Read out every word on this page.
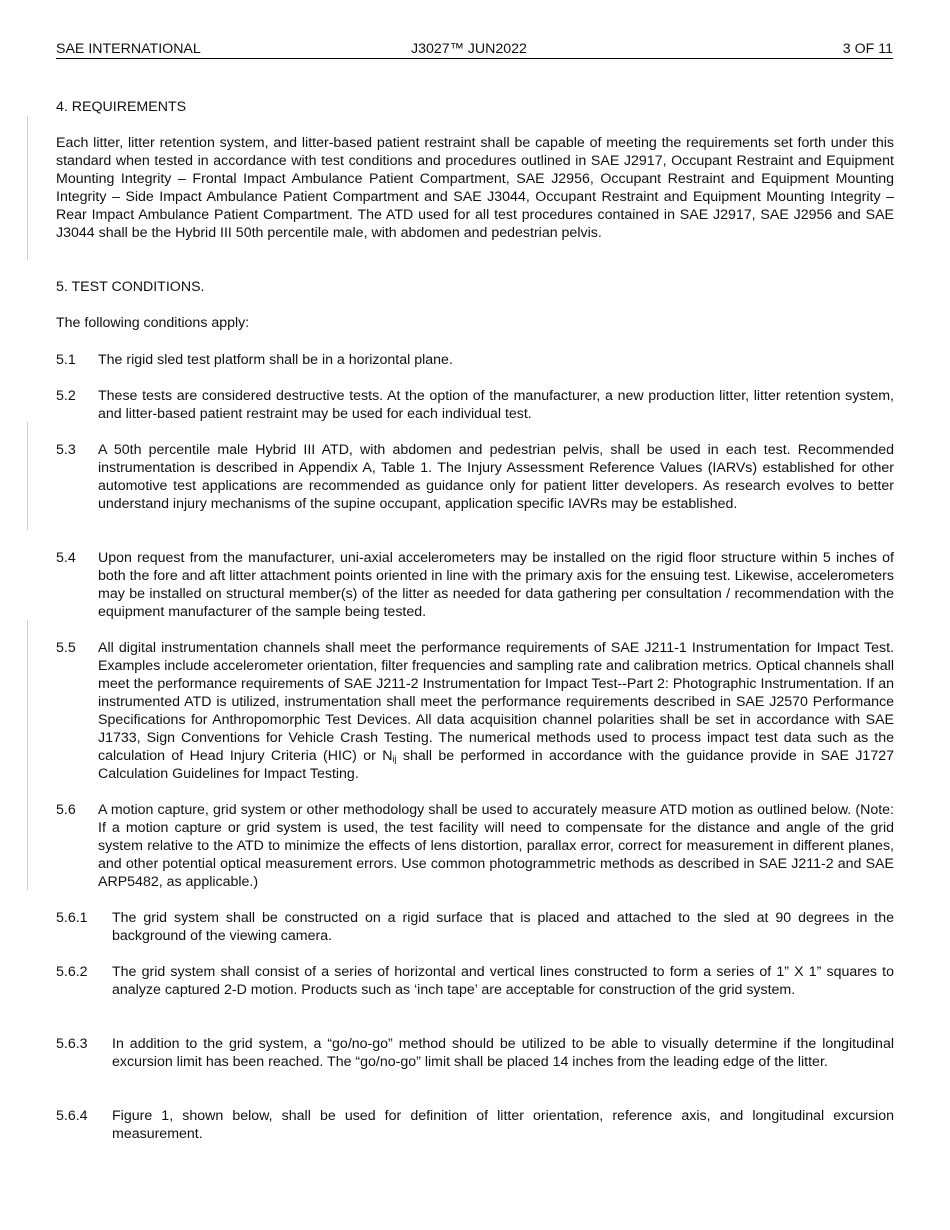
SAE INTERNATIONAL	J3027™ JUN2022	3 OF 11
4. REQUIREMENTS
Each litter, litter retention system, and litter-based patient restraint shall be capable of meeting the requirements set forth under this standard when tested in accordance with test conditions and procedures outlined in SAE J2917, Occupant Restraint and Equipment Mounting Integrity – Frontal Impact Ambulance Patient Compartment, SAE J2956, Occupant Restraint and Equipment Mounting Integrity – Side Impact Ambulance Patient Compartment and SAE J3044, Occupant Restraint and Equipment Mounting Integrity – Rear Impact Ambulance Patient Compartment. The ATD used for all test procedures contained in SAE J2917, SAE J2956 and SAE J3044 shall be the Hybrid III 50th percentile male, with abdomen and pedestrian pelvis.
5. TEST CONDITIONS.
The following conditions apply:
5.1 The rigid sled test platform shall be in a horizontal plane.
5.2 These tests are considered destructive tests. At the option of the manufacturer, a new production litter, litter retention system, and litter-based patient restraint may be used for each individual test.
5.3 A 50th percentile male Hybrid III ATD, with abdomen and pedestrian pelvis, shall be used in each test. Recommended instrumentation is described in Appendix A, Table 1. The Injury Assessment Reference Values (IARVs) established for other automotive test applications are recommended as guidance only for patient litter developers. As research evolves to better understand injury mechanisms of the supine occupant, application specific IAVRs may be established.
5.4 Upon request from the manufacturer, uni-axial accelerometers may be installed on the rigid floor structure within 5 inches of both the fore and aft litter attachment points oriented in line with the primary axis for the ensuing test. Likewise, accelerometers may be installed on structural member(s) of the litter as needed for data gathering per consultation / recommendation with the equipment manufacturer of the sample being tested.
5.5 All digital instrumentation channels shall meet the performance requirements of SAE J211-1 Instrumentation for Impact Test. Examples include accelerometer orientation, filter frequencies and sampling rate and calibration metrics. Optical channels shall meet the performance requirements of SAE J211-2 Instrumentation for Impact Test--Part 2: Photographic Instrumentation. If an instrumented ATD is utilized, instrumentation shall meet the performance requirements described in SAE J2570 Performance Specifications for Anthropomorphic Test Devices. All data acquisition channel polarities shall be set in accordance with SAE J1733, Sign Conventions for Vehicle Crash Testing. The numerical methods used to process impact test data such as the calculation of Head Injury Criteria (HIC) or $N_{ij}$ shall be performed in accordance with the guidance provide in SAE J1727 Calculation Guidelines for Impact Testing.
5.6 A motion capture, grid system or other methodology shall be used to accurately measure ATD motion as outlined below. (Note: If a motion capture or grid system is used, the test facility will need to compensate for the distance and angle of the grid system relative to the ATD to minimize the effects of lens distortion, parallax error, correct for measurement in different planes, and other potential optical measurement errors. Use common photogrammetric methods as described in SAE J211-2 and SAE ARP5482, as applicable.)
5.6.1 The grid system shall be constructed on a rigid surface that is placed and attached to the sled at 90 degrees in the background of the viewing camera.
5.6.2 The grid system shall consist of a series of horizontal and vertical lines constructed to form a series of 1” X 1” squares to analyze captured 2-D motion. Products such as ‘inch tape’ are acceptable for construction of the grid system.
5.6.3 In addition to the grid system, a “go/no-go” method should be utilized to be able to visually determine if the longitudinal excursion limit has been reached. The “go/no-go” limit shall be placed 14 inches from the leading edge of the litter.
5.6.4 Figure 1, shown below, shall be used for definition of litter orientation, reference axis, and longitudinal excursion measurement.
